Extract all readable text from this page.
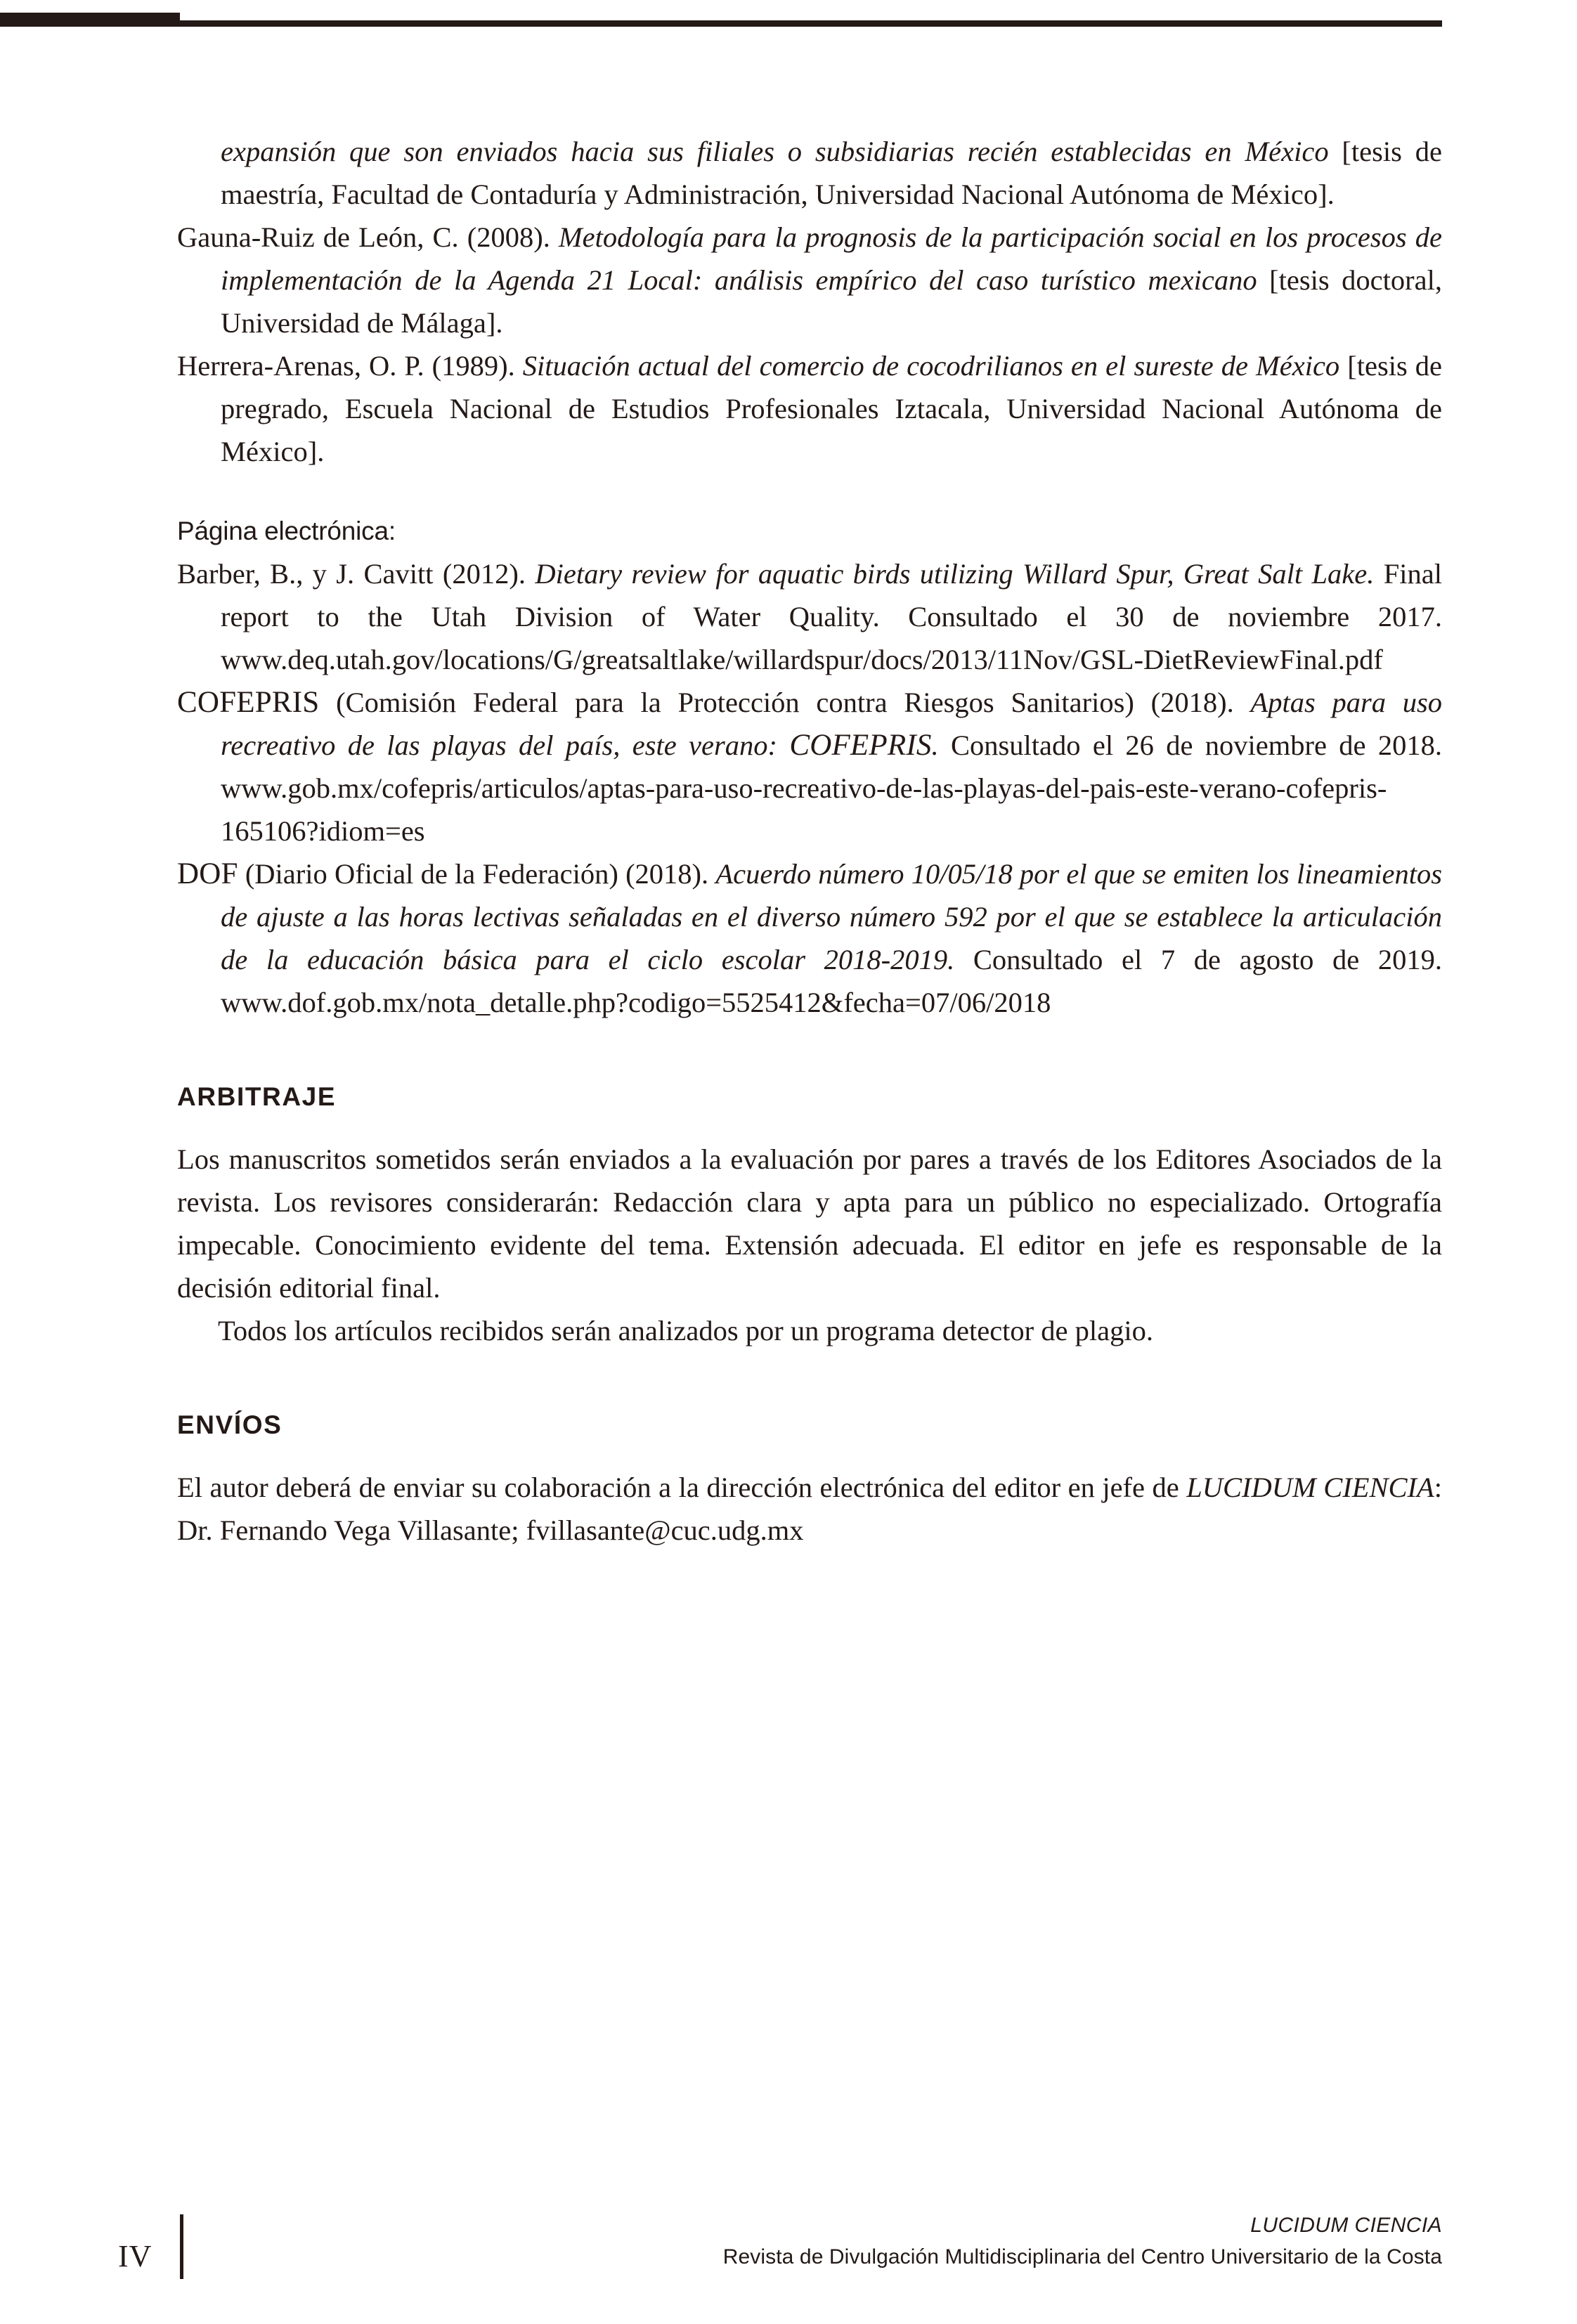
expansión que son enviados hacia sus filiales o subsidiarias recién establecidas en México [tesis de maestría, Facultad de Contaduría y Administración, Universidad Nacional Autónoma de México].

Gauna-Ruiz de León, C. (2008). Metodología para la prognosis de la participación social en los procesos de implementación de la Agenda 21 Local: análisis empírico del caso turístico mexicano [tesis doctoral, Universidad de Málaga].

Herrera-Arenas, O. P. (1989). Situación actual del comercio de cocodrilianos en el sureste de México [tesis de pregrado, Escuela Nacional de Estudios Profesionales Iztacala, Universidad Nacional Autónoma de México].

Página electrónica:

Barber, B., y J. Cavitt (2012). Dietary review for aquatic birds utilizing Willard Spur, Great Salt Lake. Final report to the Utah Division of Water Quality. Consultado el 30 de noviembre 2017. www.deq.utah.gov/locations/G/greatsaltlake/willardspur/docs/2013/11Nov/GSL-DietReviewFinal.pdf

COFEPRIS (Comisión Federal para la Protección contra Riesgos Sanitarios) (2018). Aptas para uso recreativo de las playas del país, este verano: COFEPRIS. Consultado el 26 de noviembre de 2018. www.gob.mx/cofepris/articulos/aptas-para-uso-recreativo-de-las-playas-del-pais-este-verano-cofepris-165106?idiom=es

DOF (Diario Oficial de la Federación) (2018). Acuerdo número 10/05/18 por el que se emiten los lineamientos de ajuste a las horas lectivas señaladas en el diverso número 592 por el que se establece la articulación de la educación básica para el ciclo escolar 2018-2019. Consultado el 7 de agosto de 2019. www.dof.gob.mx/nota_detalle.php?codigo=5525412&fecha=07/06/2018

ARBITRAJE

Los manuscritos sometidos serán enviados a la evaluación por pares a través de los Editores Asociados de la revista. Los revisores considerarán: Redacción clara y apta para un público no especializado. Ortografía impecable. Conocimiento evidente del tema. Extensión adecuada. El editor en jefe es responsable de la decisión editorial final.

Todos los artículos recibidos serán analizados por un programa detector de plagio.

ENVÍOS

El autor deberá de enviar su colaboración a la dirección electrónica del editor en jefe de LUCIDUM CIENCIA: Dr. Fernando Vega Villasante; fvillasante@cuc.udg.mx

IV
LUCIDUM CIENCIA
Revista de Divulgación Multidisciplinaria del Centro Universitario de la Costa
